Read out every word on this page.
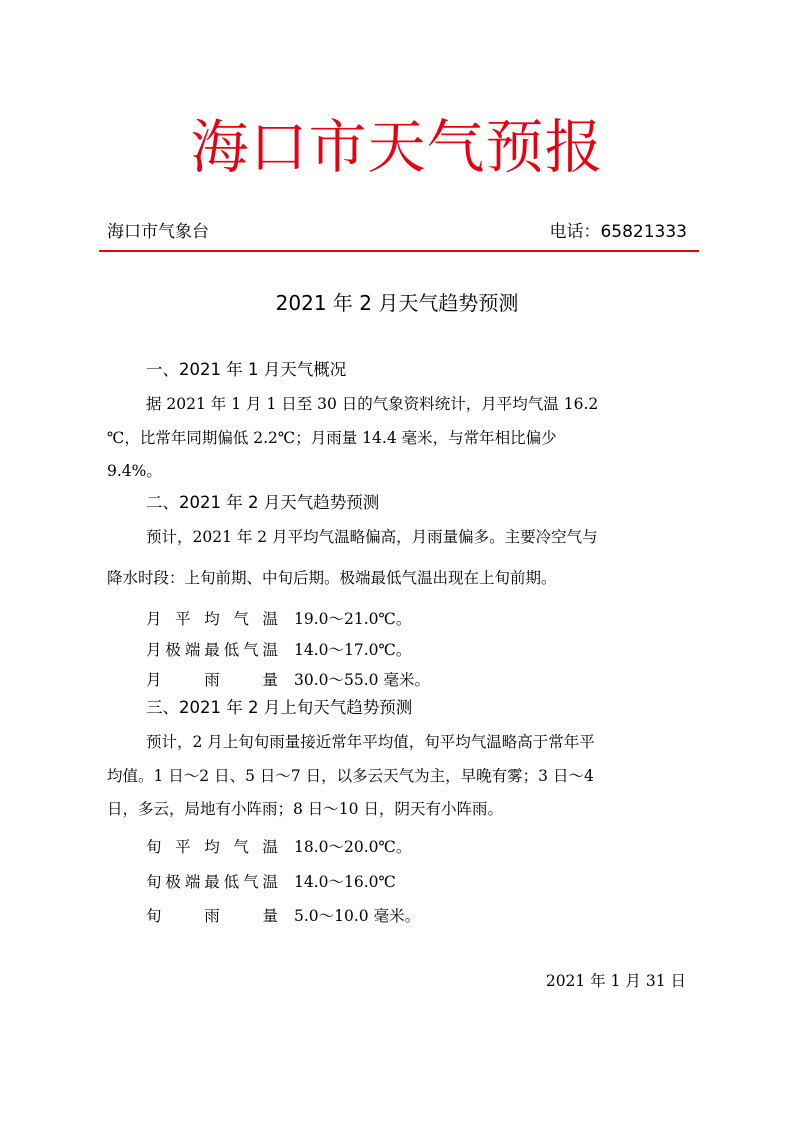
海口市天气预报
海口市气象台	电话：65821333
2021 年 2 月天气趋势预测
一、2021 年 1 月天气概况
据 2021 年 1 月 1 日至 30 日的气象资料统计，月平均气温 16.2
℃，比常年同期偏低 2.2℃；月雨量 14.4 毫米，与常年相比偏少
9.4%。
二、2021 年 2 月天气趋势预测
预计，2021 年 2 月平均气温略偏高，月雨量偏多。主要冷空气与
降水时段：上旬前期、中旬后期。极端最低气温出现在上旬前期。
月平均气温 19.0～21.0℃。
月极端最低气温 14.0～17.0℃。
月雨量 30.0～55.0 毫米。
三、2021 年 2 月上旬天气趋势预测
预计，2 月上旬旬雨量接近常年平均值，旬平均气温略高于常年平
均值。1 日～2 日、5 日～7 日，以多云天气为主，早晚有雾；3 日～4
日，多云，局地有小阵雨；8 日～10 日，阴天有小阵雨。
旬平均气温 18.0～20.0℃。
旬极端最低气温 14.0～16.0℃
旬雨量 5.0～10.0 毫米。
2021 年 1 月 31 日
